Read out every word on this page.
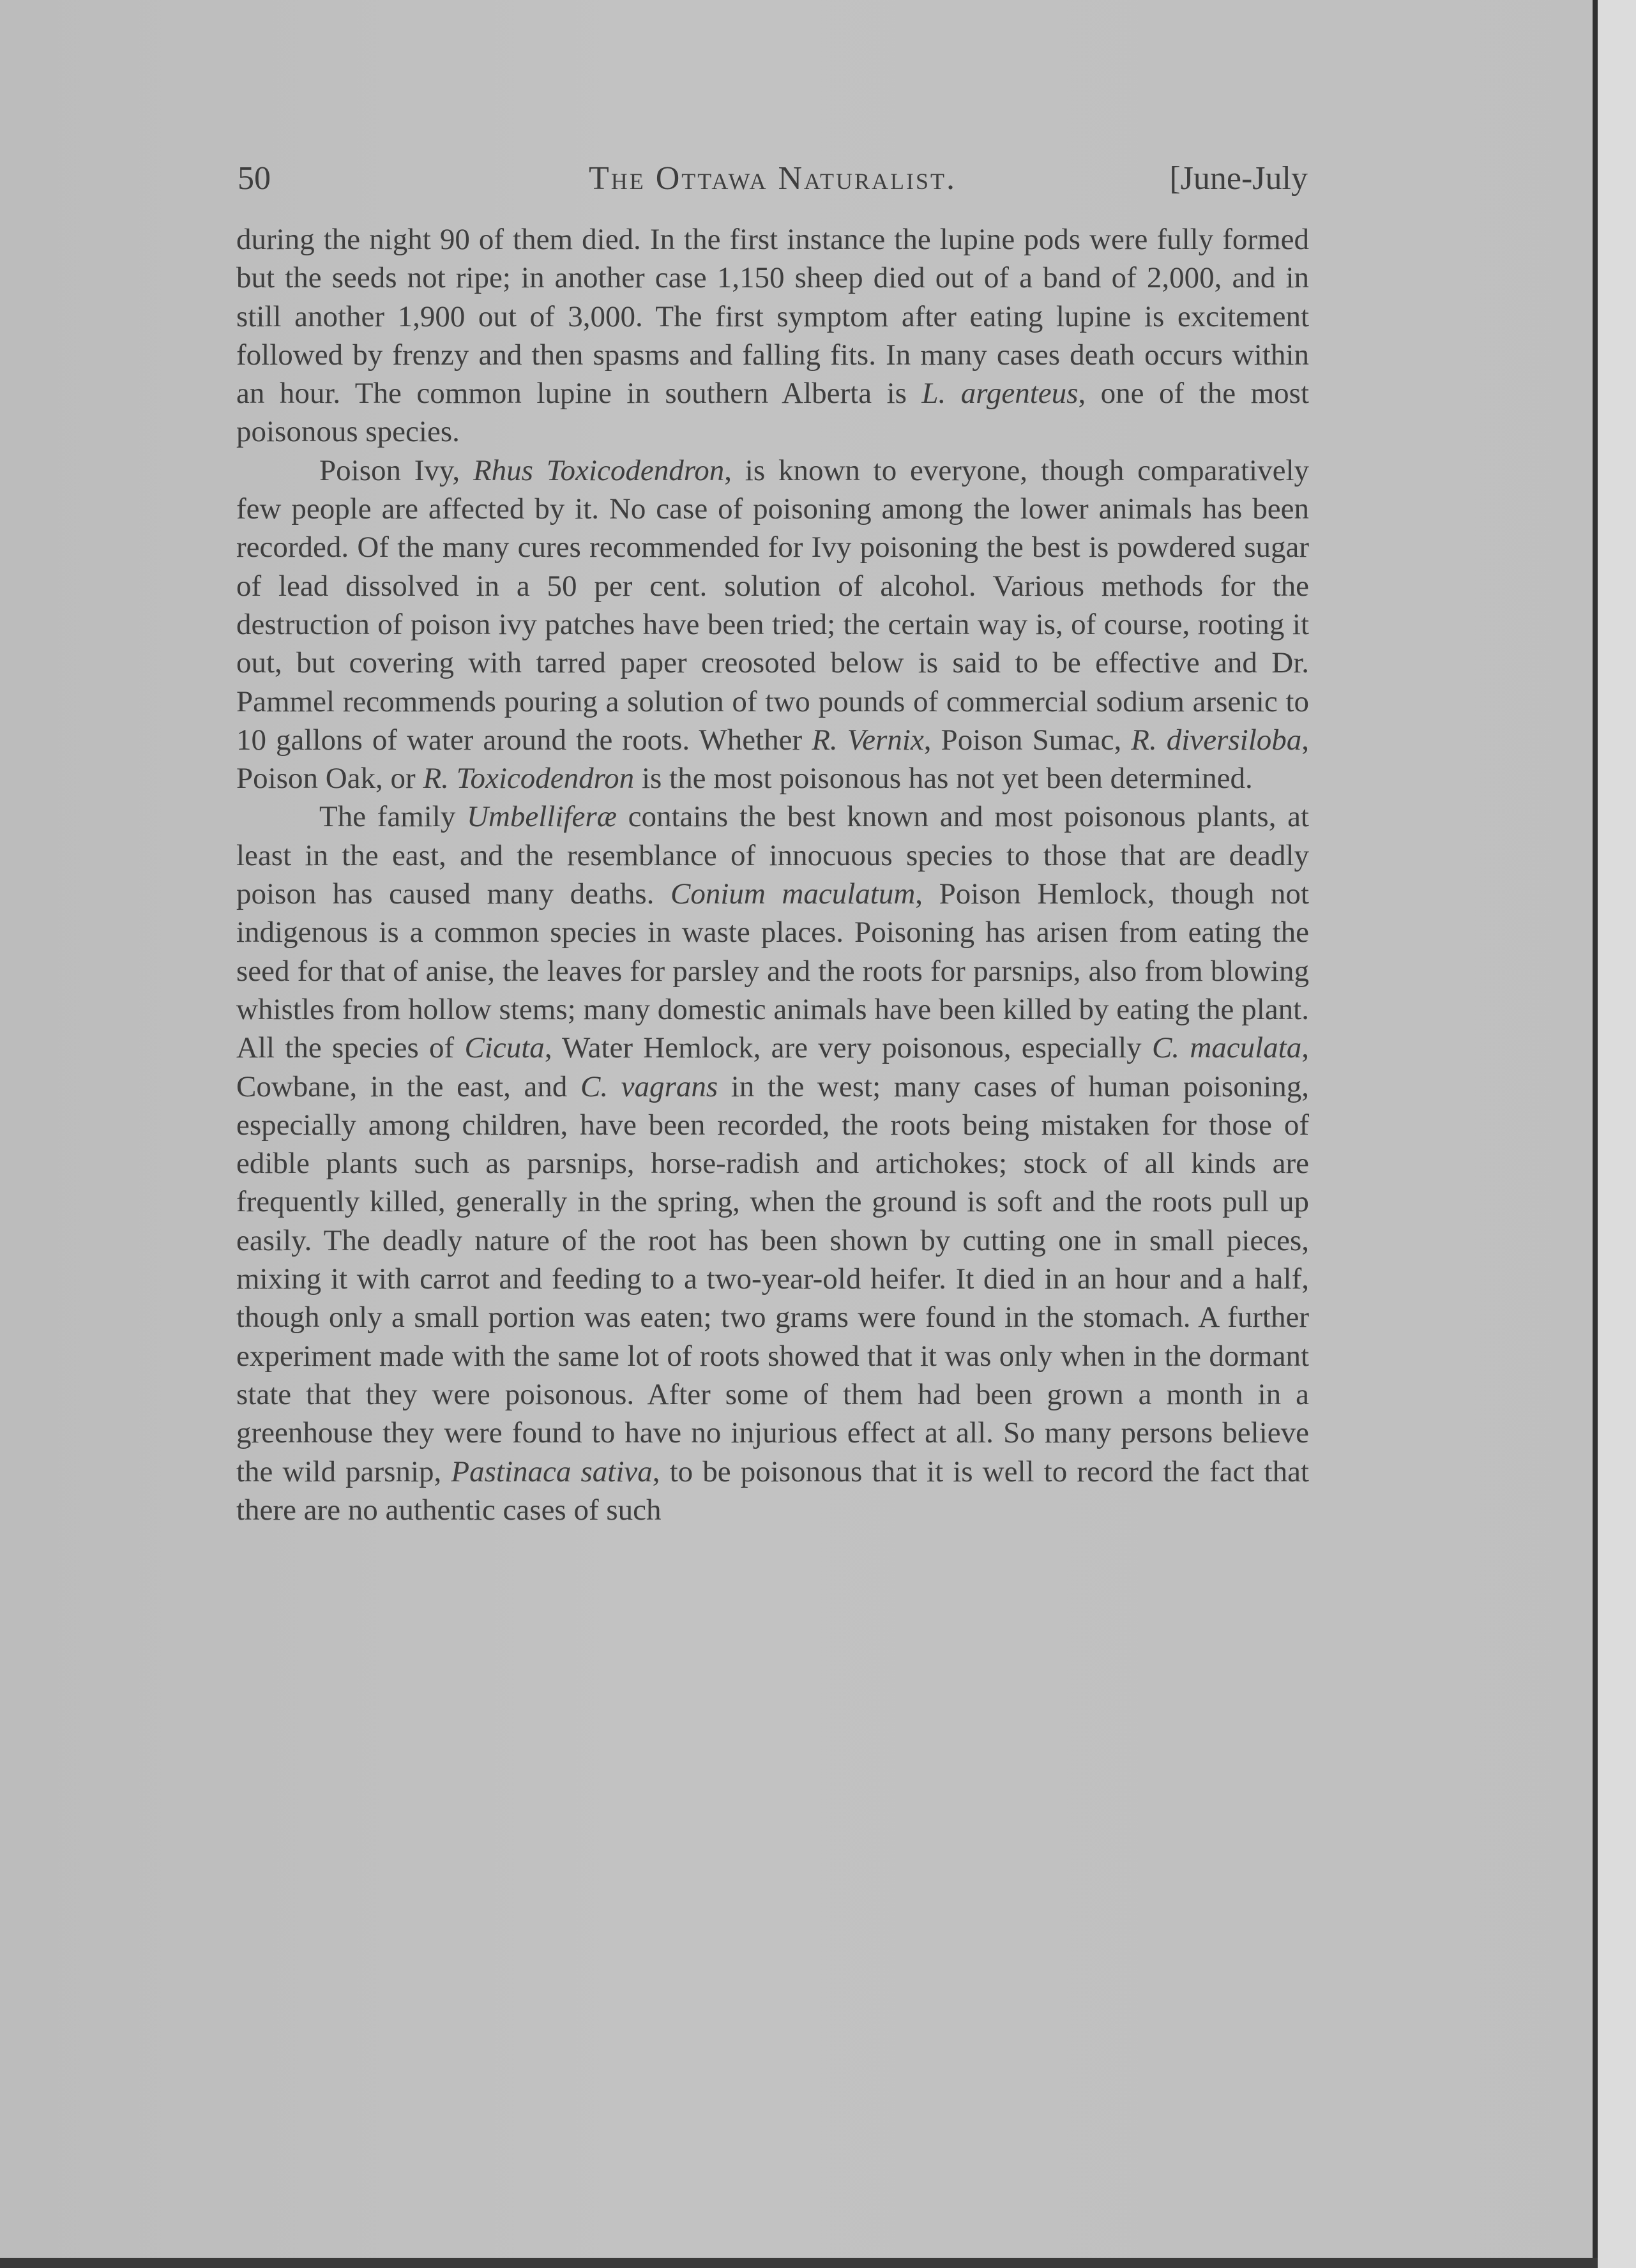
50	The Ottawa Naturalist.	[June-July

during the night 90 of them died. In the first instance the lupine pods were fully formed but the seeds not ripe; in another case 1,150 sheep died out of a band of 2,000, and in still another 1,900 out of 3,000. The first symptom after eating lupine is excitement followed by frenzy and then spasms and falling fits. In many cases death occurs within an hour. The common lupine in southern Alberta is L. argenteus, one of the most poisonous species.

Poison Ivy, Rhus Toxicodendron, is known to everyone, though comparatively few people are affected by it. No case of poisoning among the lower animals has been recorded. Of the many cures recommended for Ivy poisoning the best is powdered sugar of lead dissolved in a 50 per cent. solution of alcohol. Various methods for the destruction of poison ivy patches have been tried; the certain way is, of course, rooting it out, but covering with tarred paper creosoted below is said to be effective and Dr. Pammel recommends pouring a solution of two pounds of commercial sodium arsenic to 10 gallons of water around the roots. Whether R. Vernix, Poison Sumac, R. diversiloba, Poison Oak, or R. Toxicodendron is the most poisonous has not yet been determined.

The family Umbelliferæ contains the best known and most poisonous plants, at least in the east, and the resemblance of innocuous species to those that are deadly poison has caused many deaths. Conium maculatum, Poison Hemlock, though not indigenous is a common species in waste places. Poisoning has arisen from eating the seed for that of anise, the leaves for parsley and the roots for parsnips, also from blowing whistles from hollow stems; many domestic animals have been killed by eating the plant. All the species of Cicuta, Water Hemlock, are very poisonous, especially C. maculata, Cowbane, in the east, and C. vagrans in the west; many cases of human poisoning, especially among children, have been recorded, the roots being mistaken for those of edible plants such as parsnips, horse-radish and artichokes; stock of all kinds are frequently killed, generally in the spring, when the ground is soft and the roots pull up easily. The deadly nature of the root has been shown by cutting one in small pieces, mixing it with carrot and feeding to a two-year-old heifer. It died in an hour and a half, though only a small portion was eaten; two grams were found in the stomach. A further experiment made with the same lot of roots showed that it was only when in the dormant state that they were poisonous. After some of them had been grown a month in a greenhouse they were found to have no injurious effect at all. So many persons believe the wild parsnip, Pastinaca sativa, to be poisonous that it is well to record the fact that there are no authentic cases of such
